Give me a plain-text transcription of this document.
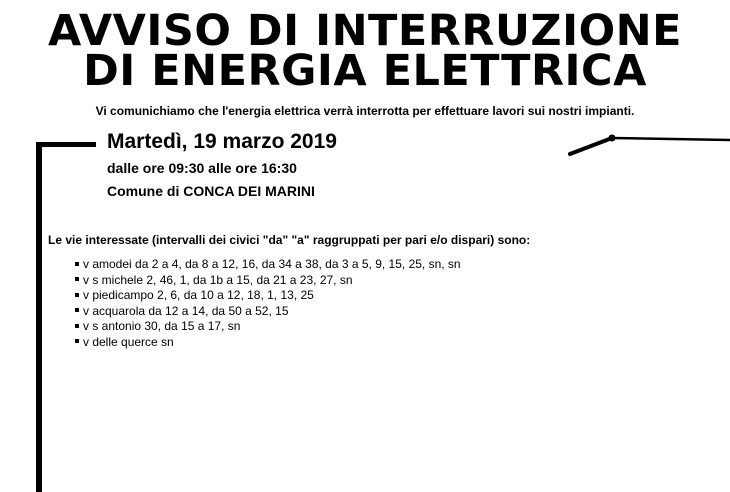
AVVISO DI INTERRUZIONE
DI ENERGIA ELETTRICA
Vi comunichiamo che l'energia elettrica verrà interrotta per effettuare lavori sui nostri impianti.
Martedì, 19 marzo 2019
dalle ore 09:30 alle ore 16:30
Comune di CONCA DEI MARINI
Le vie interessate (intervalli dei civici "da" "a" raggruppati per pari e/o dispari) sono:
v amodei da 2 a 4, da 8 a 12, 16, da 34 a 38, da 3 a 5, 9, 15, 25, sn, sn
v s michele 2, 46, 1, da 1b a 15, da 21 a 23, 27, sn
v piedicampo 2, 6, da 10 a 12, 18, 1, 13, 25
v acquarola da 12 a 14, da 50 a 52, 15
v s antonio 30, da 15 a 17, sn
v delle querce sn
